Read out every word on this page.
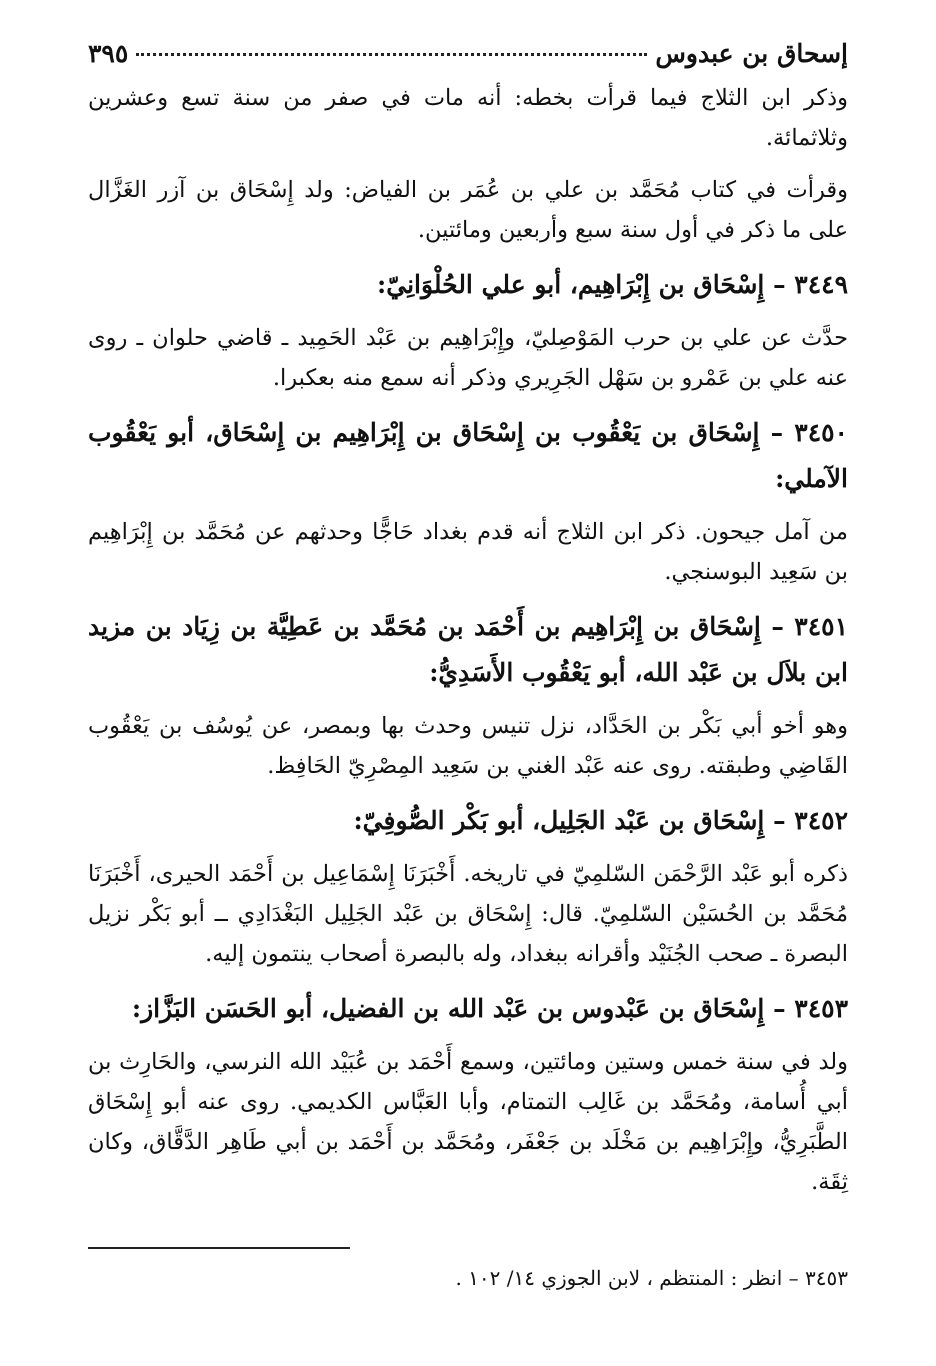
إسحاق بن عبدوس
٣٩٥

وذكر ابن الثلاج فيما قرأت بخطه: أنه مات في صفر من سنة تسع وعشرين وثلاثمائة.

وقرأت في كتاب مُحَمَّد بن علي بن عُمَر بن الفياض: ولد إِسْحَاق بن آزر الغَزَّال على ما ذكر في أول سنة سبع وأربعين ومائتين.

٣٤٤٩ – إِسْحَاق بن إِبْرَاهِيم، أبو علي الحُلْوَانِيّ:

حدَّث عن علي بن حرب المَوْصِليّ، وإِبْرَاهِيم بن عَبْد الحَمِيد ـ قاضي حلوان ـ روى عنه علي بن عَمْرو بن سَهْل الجَرِيري وذكر أنه سمع منه بعكبرا.

٣٤٥٠ – إِسْحَاق بن يَعْقُوب بن إِسْحَاق بن إِبْرَاهِيم بن إِسْحَاق، أبو يَعْقُوب الآملي:

من آمل جيحون. ذكر ابن الثلاج أنه قدم بغداد حَاجًّا وحدثهم عن مُحَمَّد بن إِبْرَاهِيم بن سَعِيد البوسنجي.

٣٤٥١ – إِسْحَاق بن إِبْرَاهِيم بن أَحْمَد بن مُحَمَّد بن عَطِيَّة بن زِيَاد بن مزيد ابن بلاَل بن عَبْد الله، أبو يَعْقُوب الأَسَدِيُّ:

وهو أخو أبي بَكْر بن الحَدَّاد، نزل تنيس وحدث بها وبمصر، عن يُوسُف بن يَعْقُوب القَاضِي وطبقته. روى عنه عَبْد الغني بن سَعِيد المِصْرِيّ الحَافِظ.

٣٤٥٢ – إِسْحَاق بن عَبْد الجَلِيل، أبو بَكْر الصُّوفِيّ:

ذكره أبو عَبْد الرَّحْمَن السّلمِيّ في تاريخه. أَخْبَرَنَا إِسْمَاعِيل بن أَحْمَد الحيرى، أَخْبَرَنَا مُحَمَّد بن الحُسَيْن السّلمِيّ. قال: إِسْحَاق بن عَبْد الجَلِيل البَغْدَادِي ــ أبو بَكْر نزيل البصرة ـ صحب الجُنَيْد وأقرانه ببغداد، وله بالبصرة أصحاب ينتمون إليه.

٣٤٥٣ – إِسْحَاق بن عَبْدوس بن عَبْد الله بن الفضيل، أبو الحَسَن البَزَّاز:

ولد في سنة خمس وستين ومائتين، وسمع أَحْمَد بن عُبَيْد الله النرسي، والحَارِث بن أبي أُسامة، ومُحَمَّد بن غَالِب التمتام، وأبا العَبَّاس الكديمي. روى عنه أبو إِسْحَاق الطَّبَرِيُّ، وإِبْرَاهِيم بن مَخْلَد بن جَعْفَر، ومُحَمَّد بن أَحْمَد بن أبي طَاهِر الدَّقَّاق، وكان ثِقَة.

٣٤٥٣ – انظر : المنتظم ، لابن الجوزي ١٤/ ١٠٢ .
